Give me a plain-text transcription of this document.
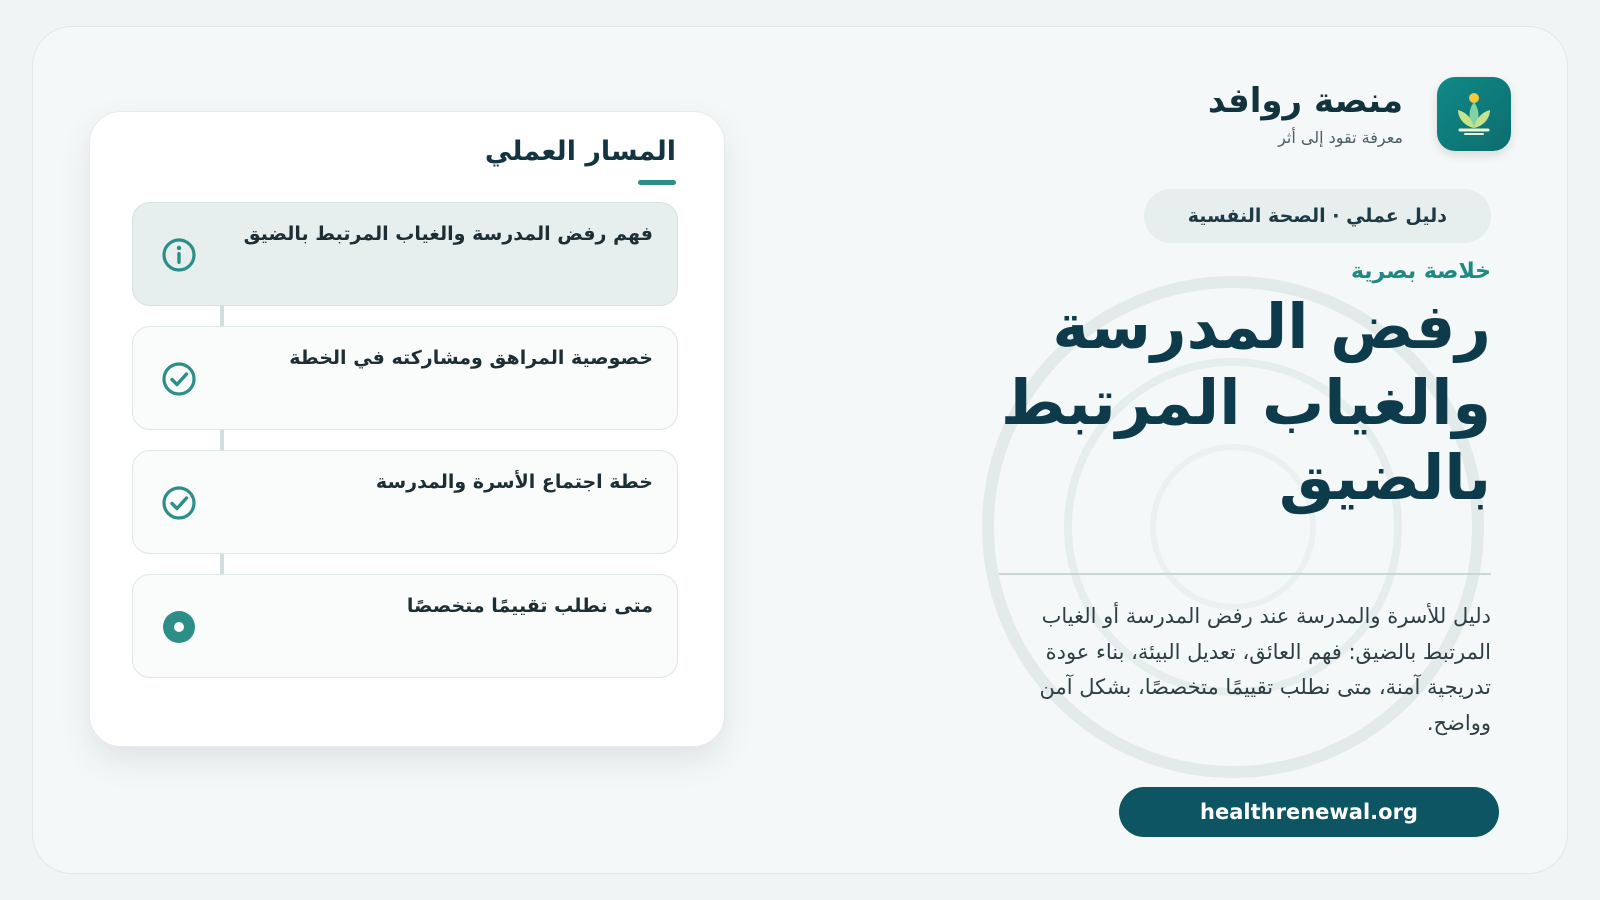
منصة روافد
معرفة تقود إلى أثر
دليل عملي · الصحة النفسية
خلاصة بصرية
رفض المدرسة والغياب المرتبط بالضيق
دليل للأسرة والمدرسة عند رفض المدرسة أو الغياب المرتبط بالضيق: فهم العائق، تعديل البيئة، بناء عودة تدريجية آمنة، متى نطلب تقييمًا متخصصًا، بشكل آمن وواضح.
healthrenewal.org
المسار العملي
فهم رفض المدرسة والغياب المرتبط بالضيق
خصوصية المراهق ومشاركته في الخطة
خطة اجتماع الأسرة والمدرسة
متى نطلب تقييمًا متخصصًا
